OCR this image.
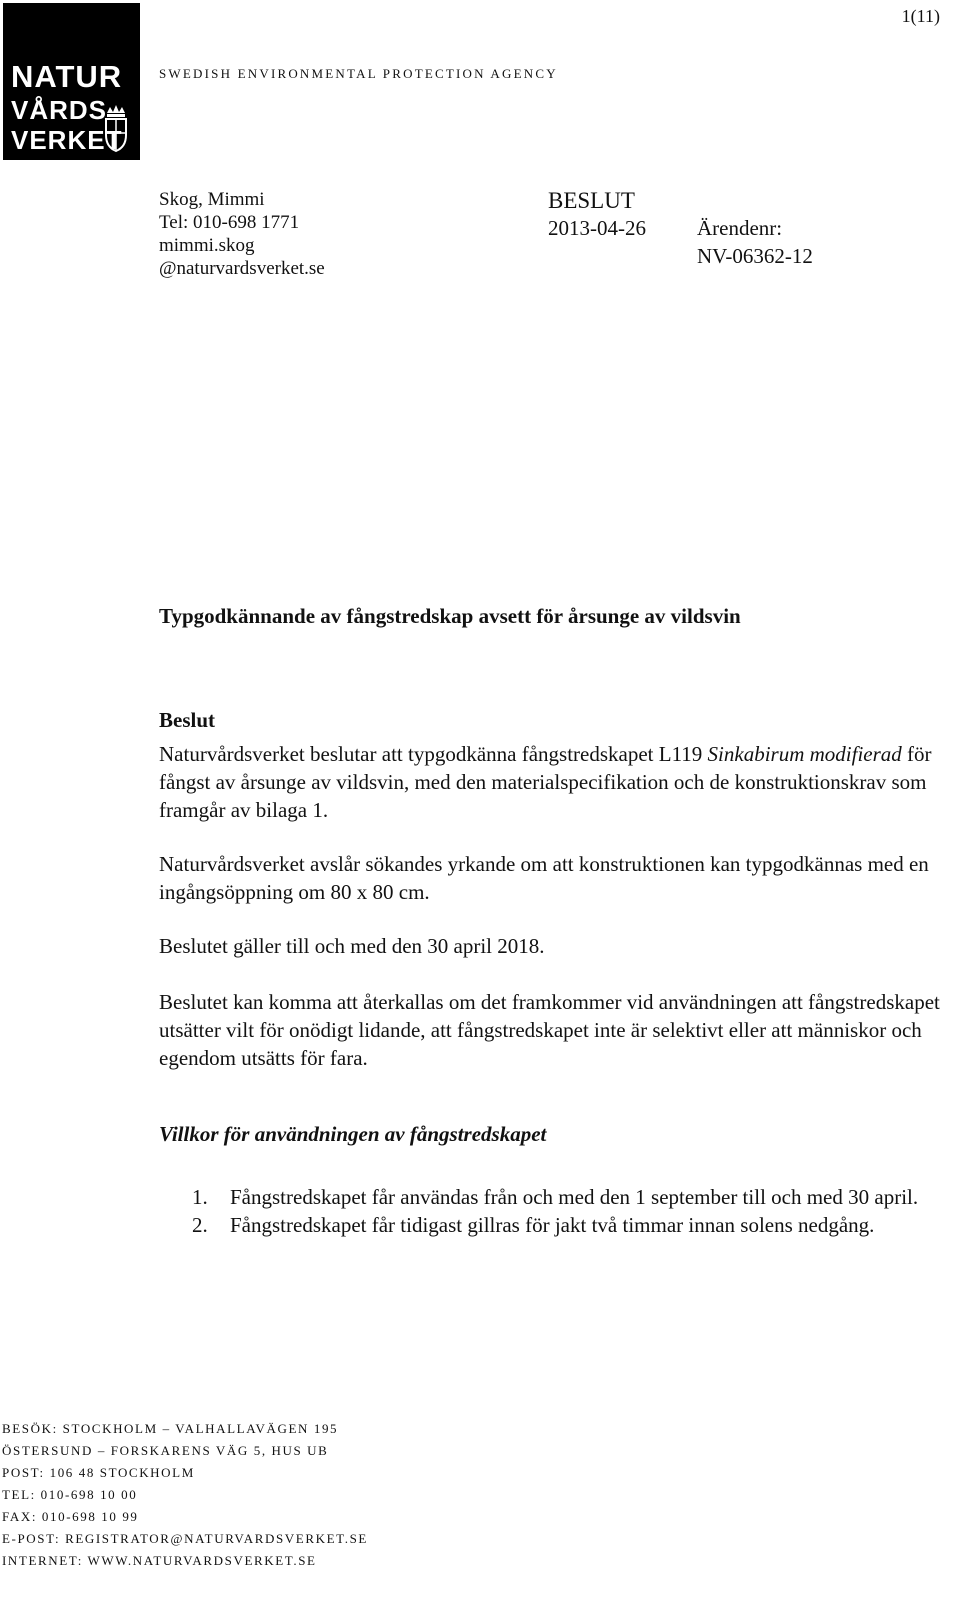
NATUR
VÅRDS
VERKET
1(11)
SWEDISH ENVIRONMENTAL PROTECTION AGENCY
Skog, Mimmi
Tel: 010-698 1771
mimmi.skog
@naturvardsverket.se
BESLUT
2013-04-26 Ärendenr:
NV-06362-12
Typgodkännande av fångstredskap avsett för årsunge av vildsvin
Beslut
Naturvårdsverket beslutar att typgodkänna fångstredskapet L119 Sinkabirum modifierad för fångst av årsunge av vildsvin, med den materialspecifikation och de konstruktionskrav som framgår av bilaga 1.
Naturvårdsverket avslår sökandes yrkande om att konstruktionen kan typgodkännas med en ingångsöppning om 80 x 80 cm.
Beslutet gäller till och med den 30 april 2018.
Beslutet kan komma att återkallas om det framkommer vid användningen att fångstredskapet utsätter vilt för onödigt lidande, att fångstredskapet inte är selektivt eller att människor och egendom utsätts för fara.
Villkor för användningen av fångstredskapet
1. Fångstredskapet får användas från och med den 1 september till och med 30 april.
2. Fångstredskapet får tidigast gillras för jakt två timmar innan solens nedgång.
BESÖK: STOCKHOLM – VALHALLAVÄGEN 195
ÖSTERSUND – FORSKARENS VÄG 5, HUS UB
POST: 106 48 STOCKHOLM
TEL: 010-698 10 00
FAX: 010-698 10 99
E-POST: REGISTRATOR@NATURVARDSVERKET.SE
INTERNET: WWW.NATURVARDSVERKET.SE
